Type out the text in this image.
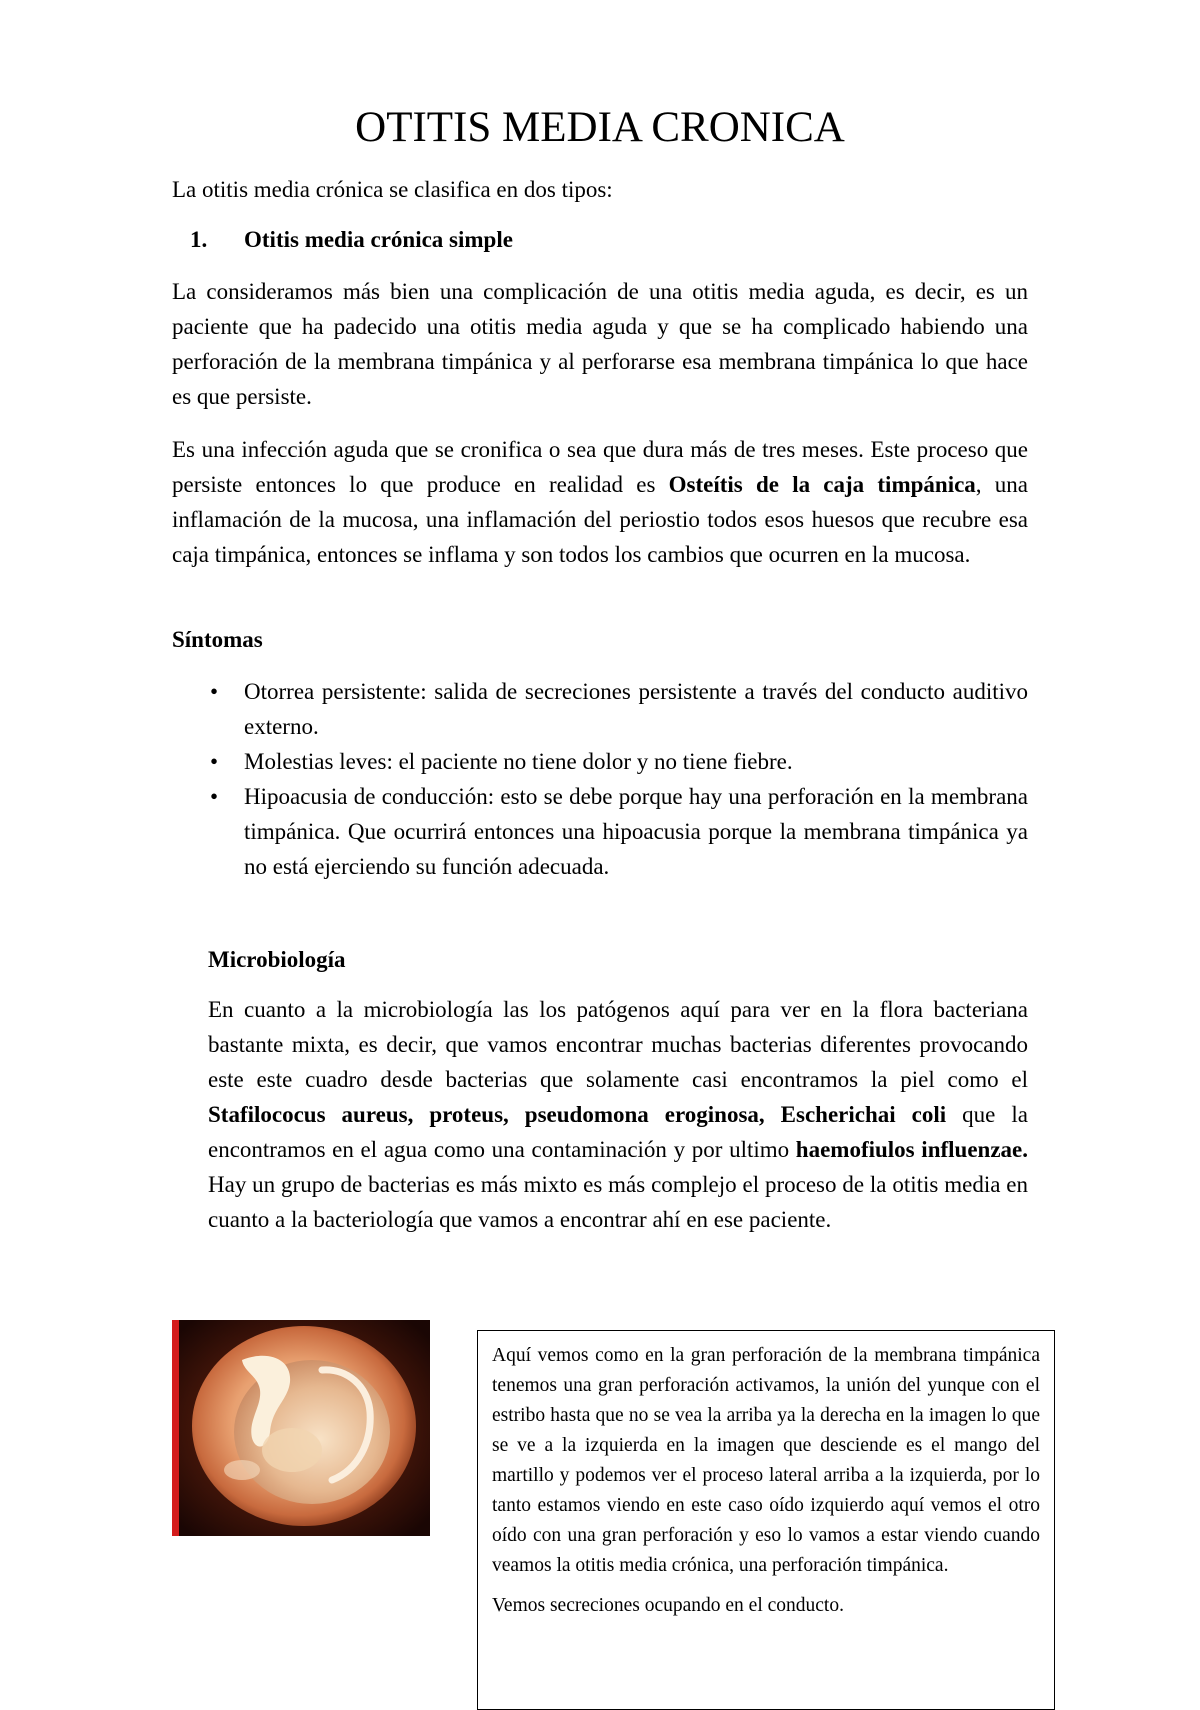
OTITIS MEDIA CRONICA

La otitis media crónica se clasifica en dos tipos:

1. Otitis media crónica simple

La consideramos más bien una complicación de una otitis media aguda, es decir, es un paciente que ha padecido una otitis media aguda y que se ha complicado habiendo una perforación de la membrana timpánica y al perforarse esa membrana timpánica lo que hace es que persiste.

Es una infección aguda que se cronifica o sea que dura más de tres meses. Este proceso que persiste entonces lo que produce en realidad es Osteítis de la caja timpánica, una inflamación de la mucosa, una inflamación del periostio todos esos huesos que recubre esa caja timpánica, entonces se inflama y son todos los cambios que ocurren en la mucosa.

Síntomas
• Otorrea persistente: salida de secreciones persistente a través del conducto auditivo externo.
• Molestias leves: el paciente no tiene dolor y no tiene fiebre.
• Hipoacusia de conducción: esto se debe porque hay una perforación en la membrana timpánica. Que ocurrirá entonces una hipoacusia porque la membrana timpánica ya no está ejerciendo su función adecuada.
Microbiología

En cuanto a la microbiología las los patógenos aquí para ver en la flora bacteriana bastante mixta, es decir, que vamos encontrar muchas bacterias diferentes provocando este este cuadro desde bacterias que solamente casi encontramos la piel como el Stafilococus aureus, proteus, pseudomona eroginosa, Escherichai coli que la encontramos en el agua como una contaminación y por ultimo haemofiulos influenzae. Hay un grupo de bacterias es más mixto es más complejo el proceso de la otitis media en cuanto a la bacteriología que vamos a encontrar ahí en ese paciente.

Aquí vemos como en la gran perforación de la membrana timpánica tenemos una gran perforación activamos, la unión del yunque con el estribo hasta que no se vea la arriba ya la derecha en la imagen lo que se ve a la izquierda en la imagen que desciende es el mango del martillo y podemos ver el proceso lateral arriba a la izquierda, por lo tanto estamos viendo en este caso oído izquierdo aquí vemos el otro oído con una gran perforación y eso lo vamos a estar viendo cuando veamos la otitis media crónica, una perforación timpánica.

Vemos secreciones ocupando en el conducto.
